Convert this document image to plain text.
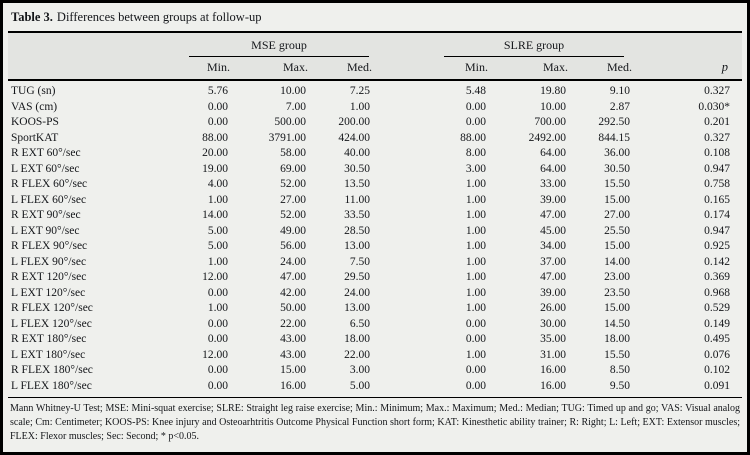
Table 3. Differences between groups at follow-up

	MSE group				SLRE group			

	Min.	Max.	Med.		Min.	Max.	Med.	p
TUG (sn)	5.76	10.00	7.25		5.48	19.80	9.10	0.327
VAS (cm)	0.00	7.00	1.00		0.00	10.00	2.87	0.030*
KOOS-PS	0.00	500.00	200.00		0.00	700.00	292.50	0.201
SportKAT	88.00	3791.00	424.00		88.00	2492.00	844.15	0.327
R EXT 60°/sec	20.00	58.00	40.00		8.00	64.00	36.00	0.108
L EXT 60°/sec	19.00	69.00	30.50		3.00	64.00	30.50	0.947
R FLEX 60°/sec	4.00	52.00	13.50		1.00	33.00	15.50	0.758
L FLEX 60°/sec	1.00	27.00	11.00		1.00	39.00	15.00	0.165
R EXT 90°/sec	14.00	52.00	33.50		1.00	47.00	27.00	0.174
L EXT 90°/sec	5.00	49.00	28.50		1.00	45.00	25.50	0.947
R FLEX 90°/sec	5.00	56.00	13.00		1.00	34.00	15.00	0.925
L FLEX 90°/sec	1.00	24.00	7.50		1.00	37.00	14.00	0.142
R EXT 120°/sec	12.00	47.00	29.50		1.00	47.00	23.00	0.369
L EXT 120°/sec	0.00	42.00	24.00		1.00	39.00	23.50	0.968
R FLEX 120°/sec	1.00	50.00	13.00		1.00	26.00	15.00	0.529
L FLEX 120°/sec	0.00	22.00	6.50		0.00	30.00	14.50	0.149
R EXT 180°/sec	0.00	43.00	18.00		0.00	35.00	18.00	0.495
L EXT 180°/sec	12.00	43.00	22.00		1.00	31.00	15.50	0.076
R FLEX 180°/sec	0.00	15.00	3.00		0.00	16.00	8.50	0.102
L FLEX 180°/sec	0.00	16.00	5.00		0.00	16.00	9.50	0.091
Mann Whitney-U Test; MSE: Mini-squat exercise; SLRE: Straight leg raise exercise; Min.: Minimum; Max.: Maximum; Med.: Median; TUG: Timed up and go; VAS: Visual analog scale; Cm: Centimeter; KOOS-PS: Knee injury and Osteoarhtritis Outcome Physical Function short form; KAT: Kinesthetic ability trainer; R: Right; L: Left; EXT: Extensor muscles; FLEX: Flexor muscles; Sec: Second; * p<0.05.
